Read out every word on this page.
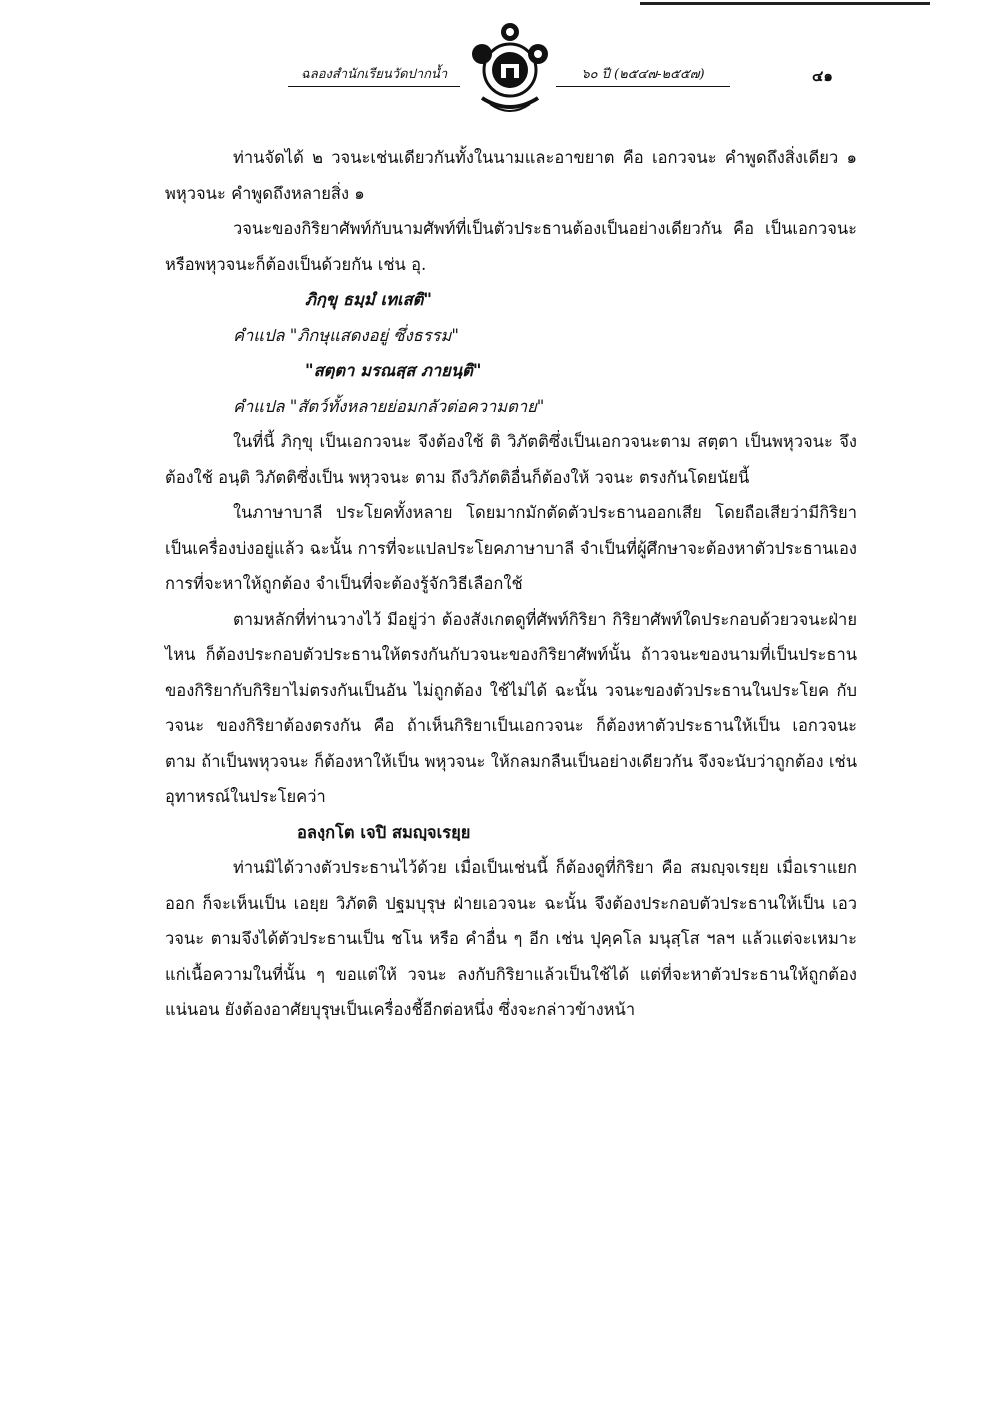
ฉลองสำนักเรียนวัดปากน้ำ	๖๐ ปี (๒๕๔๗-๒๕๕๗)	๔๑

ท่านจัดได้ ๒ วจนะเช่นเดียวกันทั้งในนามและอาขยาต คือ เอกวจนะ คำพูดถึงสิ่งเดียว ๑ พหุวจนะ คำพูดถึงหลายสิ่ง ๑

วจนะของกิริยาศัพท์กับนามศัพท์ที่เป็นตัวประธานต้องเป็นอย่างเดียวกัน คือ เป็นเอกวจนะหรือพหุวจนะก็ต้องเป็นด้วยกัน เช่น อุ.

ภิกฺขุ ธมฺมํ เทเสติ"

คำแปล "ภิกษุแสดงอยู่ ซึ่งธรรม"

"สตฺตา มรณสฺส ภายนฺติ"

คำแปล "สัตว์ทั้งหลายย่อมกลัวต่อความตาย"

ในที่นี้ ภิกฺขุ เป็นเอกวจนะ จึงต้องใช้ ติ วิภัตติซึ่งเป็นเอกวจนะตาม สตฺตา เป็นพหุวจนะ จึงต้องใช้ อนฺติ วิภัตติซึ่งเป็น พหุวจนะ ตาม ถึงวิภัตติอื่นก็ต้องให้ วจนะ ตรงกันโดยนัยนี้

ในภาษาบาลี ประโยคทั้งหลาย โดยมากมักตัดตัวประธานออกเสีย โดยถือเสียว่ามีกิริยาเป็นเครื่องบ่งอยู่แล้ว ฉะนั้น การที่จะแปลประโยคภาษาบาลี จำเป็นที่ผู้ศึกษาจะต้องหาตัวประธานเอง การที่จะหาให้ถูกต้อง จำเป็นที่จะต้องรู้จักวิธีเลือกใช้

ตามหลักที่ท่านวางไว้ มีอยู่ว่า ต้องสังเกตดูที่ศัพท์กิริยา กิริยาศัพท์ใดประกอบด้วยวจนะฝ่ายไหน ก็ต้องประกอบตัวประธานให้ตรงกันกับวจนะของกิริยาศัพท์นั้น ถ้าวจนะของนามที่เป็นประธานของกิริยากับกิริยาไม่ตรงกันเป็นอัน ไม่ถูกต้อง ใช้ไม่ได้ ฉะนั้น วจนะของตัวประธานในประโยค กับ วจนะ ของกิริยาต้องตรงกัน คือ ถ้าเห็นกิริยาเป็นเอกวจนะ ก็ต้องหาตัวประธานให้เป็น เอกวจนะ ตาม ถ้าเป็นพหุวจนะ ก็ต้องหาให้เป็น พหุวจนะ ให้กลมกลืนเป็นอย่างเดียวกัน จึงจะนับว่าถูกต้อง เช่นอุทาหรณ์ในประโยคว่า

อลงฺกโต เจปิ สมญฺจเรยฺย

ท่านมิได้วางตัวประธานไว้ด้วย เมื่อเป็นเช่นนี้ ก็ต้องดูที่กิริยา คือ สมญฺจเรยฺย เมื่อเราแยกออก ก็จะเห็นเป็น เอยฺย วิภัตติ ปฐมบุรุษ ฝ่ายเอวจนะ ฉะนั้น จึงต้องประกอบตัวประธานให้เป็น เอววจนะ ตามจึงได้ตัวประธานเป็น ชโน หรือ คำอื่น ๆ อีก เช่น ปุคฺคโล มนุสฺโส ฯลฯ แล้วแต่จะเหมาะแก่เนื้อความในที่นั้น ๆ ขอแต่ให้ วจนะ ลงกับกิริยาแล้วเป็นใช้ได้ แต่ที่จะหาตัวประธานให้ถูกต้องแน่นอน ยังต้องอาศัยบุรุษเป็นเครื่องชี้อีกต่อหนึ่ง ซึ่งจะกล่าวข้างหน้า
